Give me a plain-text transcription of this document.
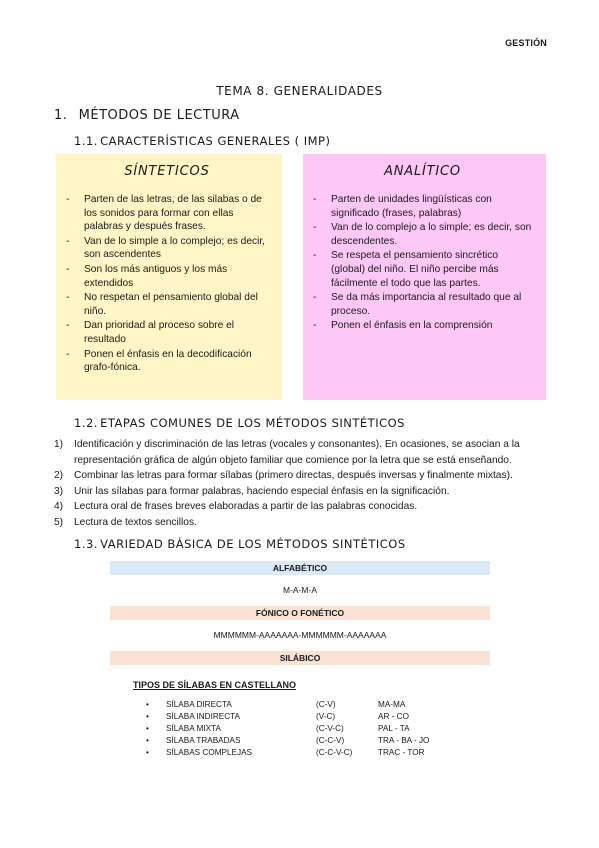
GESTIÓN
TEMA 8. GENERALIDADES
1. MÉTODOS DE LECTURA
1.1. CARACTERÍSTICAS GENERALES ( IMP)
SÍNTETICOS
- Parten de las letras, de las silabas o de los sonidos para formar con ellas palabras y después frases.
- Van de lo simple a lo complejo; es decir, son ascendentes
- Son los más antiguos y los más extendidos
- No respetan el pensamiento global del niño.
- Dan prioridad al proceso sobre el resultado
- Ponen el énfasis en la decodificación grafo-fónica.
ANALÍTICO
- Parten de unidades lingüísticas con significado (frases, palabras)
- Van de lo complejo a lo simple; es decir, son descendentes.
- Se respeta el pensamiento sincrético (global) del niño. El niño percibe más fácilmente el todo que las partes.
- Se da más importancia al resultado que al proceso.
- Ponen el énfasis en la comprensión
1.2. ETAPAS COMUNES DE LOS MÉTODOS SINTÉTICOS
1) Identificación y discriminación de las letras (vocales y consonantes). En ocasiones, se asocian a la representación gráfica de algún objeto familiar que comience por la letra que se está enseñando.
2) Combinar las letras para formar sílabas (primero directas, después inversas y finalmente mixtas).
3) Unir las sílabas para formar palabras, haciendo especial énfasis en la significación.
4) Lectura oral de frases breves elaboradas a partir de las palabras conocidas.
5) Lectura de textos sencillos.
1.3. VARIEDAD BÁSICA DE LOS MÉTODOS SINTÉTICOS
ALFABÉTICO
M-A-M-A
FÓNICO O FONÉTICO
MMMMMM-AAAAAAA-MMMMMM-AAAAAAA
SILÁBICO
TIPOS DE SÍLABAS EN CASTELLANO
• SÍLABA DIRECTA	(C-V)	MA-MA
• SÍLABA INDIRECTA	(V-C)	AR - CO
• SÍLABA MIXTA	(C-V-C)	PAL - TA
• SÍLABA TRABADAS	(C-C-V)	TRA - BA - JO
• SÍLABAS COMPLEJAS	(C-C-V-C)	TRAC - TOR
